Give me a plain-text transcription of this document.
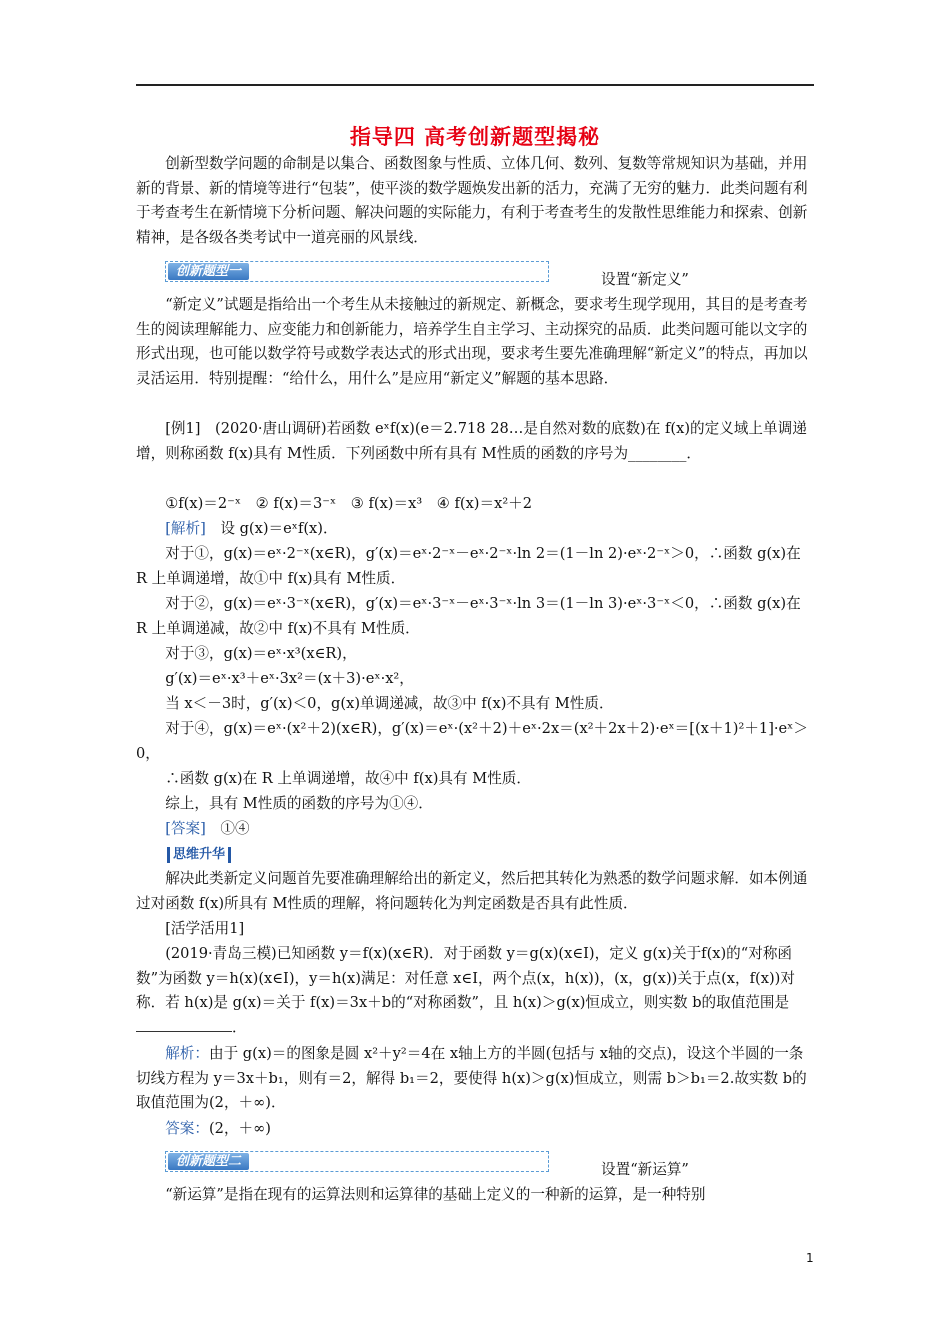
指导四 高考创新题型揭秘

创新型数学问题的命制是以集合、函数图象与性质、立体几何、数列、复数等常规知识为基础，并用新的背景、新的情境等进行“包装”，使平淡的数学题焕发出新的活力，充满了无穷的魅力．此类问题有利于考查考生在新情境下分析问题、解决问题的实际能力，有利于考查考生的发散性思维能力和探索、创新精神，是各级各类考试中一道亮丽的风景线．

创新题型一	设置“新定义”

“新定义”试题是指给出一个考生从未接触过的新规定、新概念，要求考生现学现用，其目的是考查考生的阅读理解能力、应变能力和创新能力，培养学生自主学习、主动探究的品质．此类问题可能以文字的形式出现，也可能以数学符号或数学表达式的形式出现，要求考生要先准确理解“新定义”的特点，再加以灵活运用．特别提醒：“给什么，用什么”是应用“新定义”解题的基本思路．

[例1]　(2020·唐山调研)若函数 eˣf(x)(e＝2.718 28…是自然对数的底数)在 f(x)的定义域上单调递增，则称函数 f(x)具有 M性质．下列函数中所有具有 M性质的函数的序号为________．

①f(x)＝2⁻ˣ　② f(x)＝3⁻ˣ　③ f(x)＝x³　④ f(x)＝x²＋2

[解析]　设 g(x)＝eˣf(x)．

对于①，g(x)＝eˣ·2⁻ˣ(x∈R)，g′(x)＝eˣ·2⁻ˣ－eˣ·2⁻ˣ·ln 2＝(1－ln 2)·eˣ·2⁻ˣ＞0，∴函数 g(x)在 R 上单调递增，故①中 f(x)具有 M性质．

对于②，g(x)＝eˣ·3⁻ˣ(x∈R)，g′(x)＝eˣ·3⁻ˣ－eˣ·3⁻ˣ·ln 3＝(1－ln 3)·eˣ·3⁻ˣ＜0，∴函数 g(x)在 R 上单调递减，故②中 f(x)不具有 M性质．

对于③，g(x)＝eˣ·x³(x∈R)，

g′(x)＝eˣ·x³＋eˣ·3x²＝(x＋3)·eˣ·x²，

当 x＜－3时，g′(x)＜0，g(x)单调递减，故③中 f(x)不具有 M性质．

对于④，g(x)＝eˣ·(x²＋2)(x∈R)，g′(x)＝eˣ·(x²＋2)＋eˣ·2x＝(x²＋2x＋2)·eˣ＝[(x＋1)²＋1]·eˣ＞0，

∴函数 g(x)在 R 上单调递增，故④中 f(x)具有 M性质．

综上，具有 M性质的函数的序号为①④．

[答案]　①④

思维升华

解决此类新定义问题首先要准确理解给出的新定义，然后把其转化为熟悉的数学问题求解．如本例通过对函数 f(x)所具有 M性质的理解，将问题转化为判定函数是否具有此性质．

[活学活用1]

(2019·青岛三模)已知函数 y＝f(x)(x∈R)．对于函数 y＝g(x)(x∈I)，定义 g(x)关于f(x)的“对称函数”为函数 y＝h(x)(x∈I)，y＝h(x)满足：对任意 x∈I，两个点(x，h(x))，(x，g(x))关于点(x，f(x))对称．若 h(x)是 g(x)＝关于 f(x)＝3x＋b的“对称函数”，且 h(x)＞g(x)恒成立，则实数 b的取值范围是．

解析：由于 g(x)＝的图象是圆 x²＋y²＝4在 x轴上方的半圆(包括与 x轴的交点)，设这个半圆的一条切线方程为 y＝3x＋b₁，则有＝2，解得 b₁＝2，要使得 h(x)＞g(x)恒成立，则需 b＞b₁＝2.故实数 b的取值范围为(2，＋∞)．

答案：(2，＋∞)

创新题型二	设置“新运算”

“新运算”是指在现有的运算法则和运算律的基础上定义的一种新的运算，是一种特别

1
